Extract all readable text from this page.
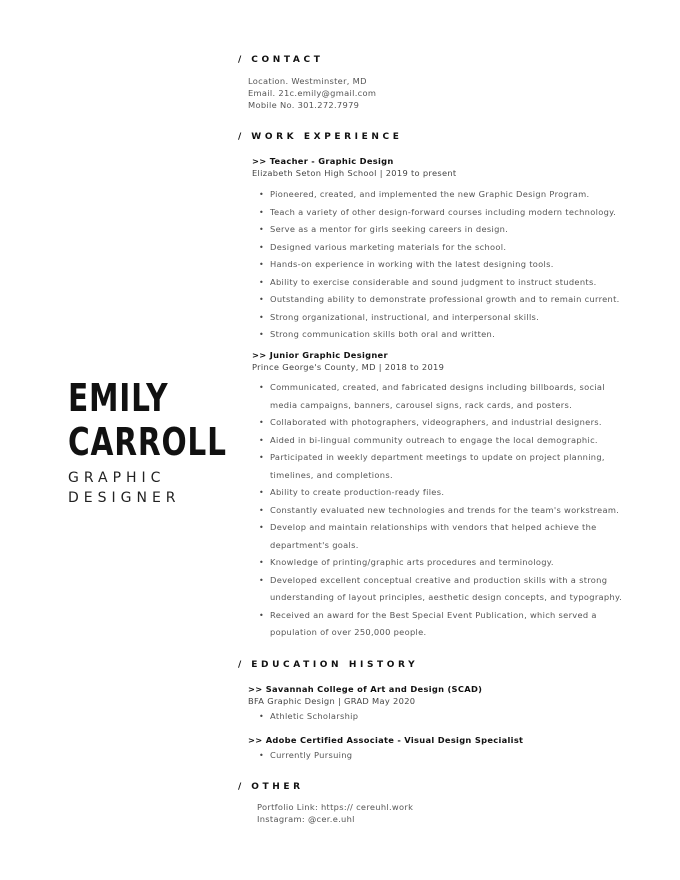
EMILY
CARROLL
GRAPHIC
DESIGNER
/ CONTACT
Location. Westminster, MD
Email. 21c.emily@gmail.com
Mobile No. 301.272.7979
/ WORK EXPERIENCE
>> Teacher - Graphic Design
Elizabeth Seton High School | 2019 to present
• Pioneered, created, and implemented the new Graphic Design Program.
• Teach a variety of other design-forward courses including modern technology.
• Serve as a mentor for girls seeking careers in design.
• Designed various marketing materials for the school.
• Hands-on experience in working with the latest designing tools.
• Ability to exercise considerable and sound judgment to instruct students.
• Outstanding ability to demonstrate professional growth and to remain current.
• Strong organizational, instructional, and interpersonal skills.
• Strong communication skills both oral and written.
>> Junior Graphic Designer
Prince George's County, MD | 2018 to 2019
• Communicated, created, and fabricated designs including billboards, social
media campaigns, banners, carousel signs, rack cards, and posters.
• Collaborated with photographers, videographers, and industrial designers.
• Aided in bi-lingual community outreach to engage the local demographic.
• Participated in weekly department meetings to update on project planning,
timelines, and completions.
• Ability to create production-ready files.
• Constantly evaluated new technologies and trends for the team's workstream.
• Develop and maintain relationships with vendors that helped achieve the
department's goals.
• Knowledge of printing/graphic arts procedures and terminology.
• Developed excellent conceptual creative and production skills with a strong
understanding of layout principles, aesthetic design concepts, and typography.
• Received an award for the Best Special Event Publication, which served a
population of over 250,000 people.
/ EDUCATION HISTORY
>> Savannah College of Art and Design (SCAD)
BFA Graphic Design | GRAD May 2020
• Athletic Scholarship
>> Adobe Certified Associate - Visual Design Specialist
• Currently Pursuing
/ OTHER
Portfolio Link: https:// cereuhl.work
Instagram: @cer.e.uhl
